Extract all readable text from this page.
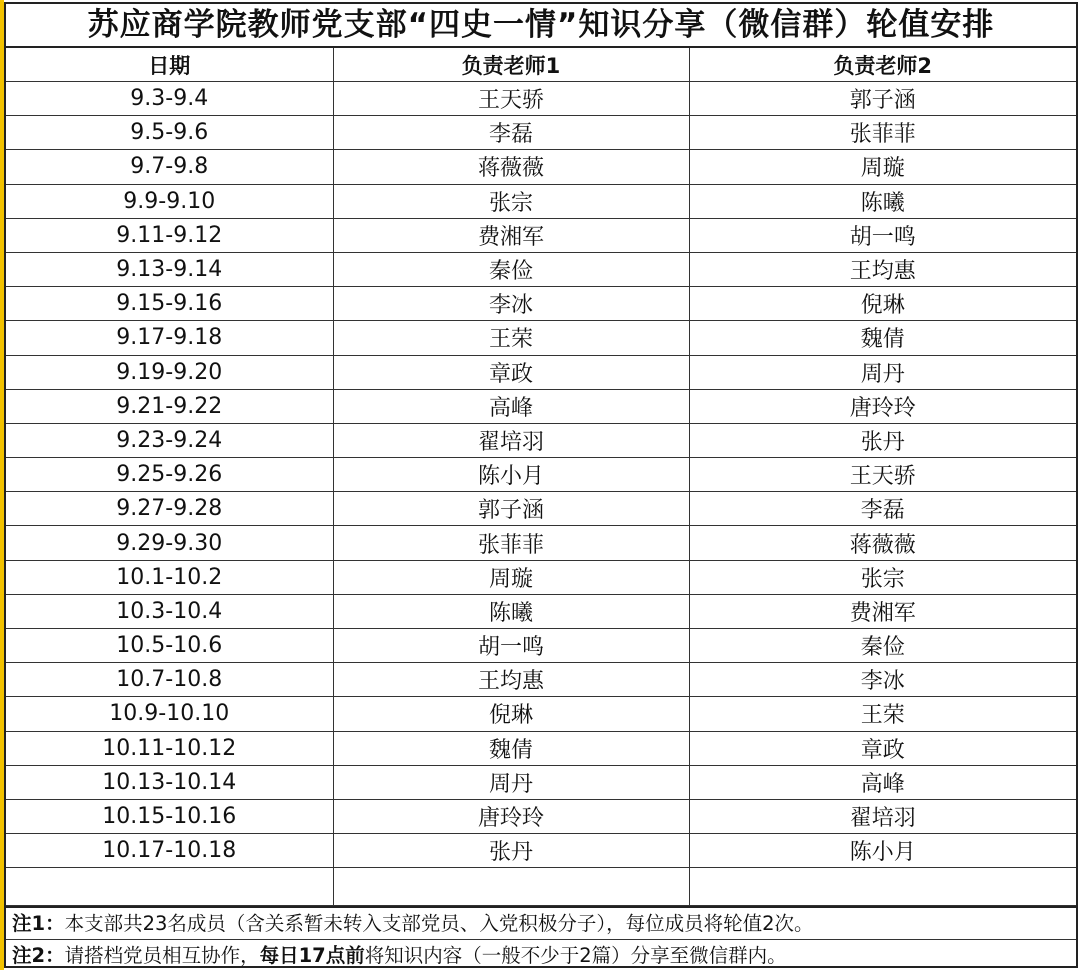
苏应商学院教师党支部“四史一情”知识分享（微信群）轮值安排
日期	负责老师1	负责老师2
9.3-9.4	王天骄	郭子涵
9.5-9.6	李磊	张菲菲
9.7-9.8	蒋薇薇	周璇
9.9-9.10	张宗	陈曦
9.11-9.12	费湘军	胡一鸣
9.13-9.14	秦俭	王均惠
9.15-9.16	李冰	倪琳
9.17-9.18	王荣	魏倩
9.19-9.20	章政	周丹
9.21-9.22	高峰	唐玲玲
9.23-9.24	翟培羽	张丹
9.25-9.26	陈小月	王天骄
9.27-9.28	郭子涵	李磊
9.29-9.30	张菲菲	蒋薇薇
10.1-10.2	周璇	张宗
10.3-10.4	陈曦	费湘军
10.5-10.6	胡一鸣	秦俭
10.7-10.8	王均惠	李冰
10.9-10.10	倪琳	王荣
10.11-10.12	魏倩	章政
10.13-10.14	周丹	高峰
10.15-10.16	唐玲玲	翟培羽
10.17-10.18	张丹	陈小月

注1：本支部共23名成员（含关系暂未转入支部党员、入党积极分子），每位成员将轮值2次。
注2：请搭档党员相互协作，每日17点前将知识内容（一般不少于2篇）分享至微信群内。
